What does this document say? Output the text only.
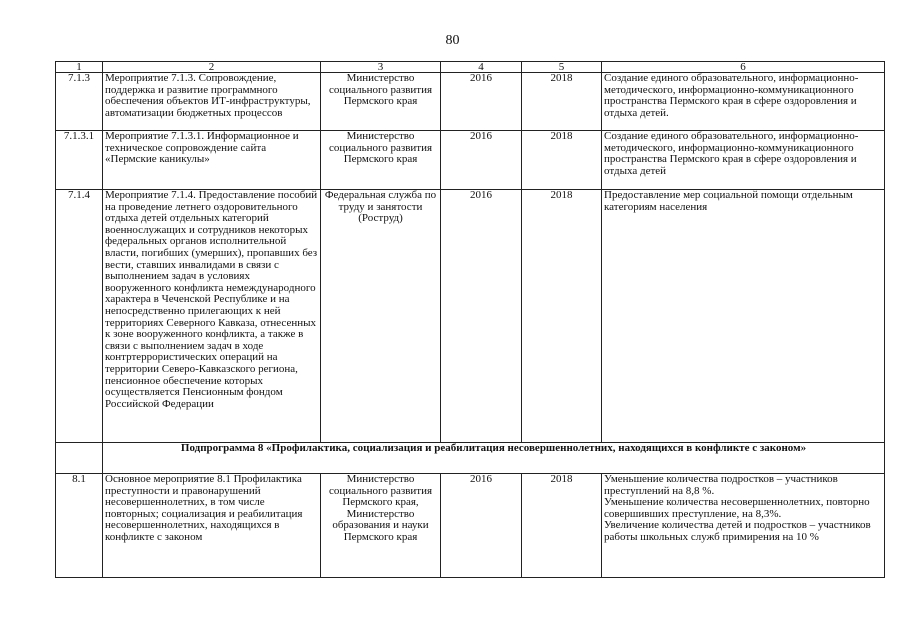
80
1	2	3	4	5	6
7.1.3	Мероприятие 7.1.3. Сопровождение, поддержка и развитие программного обеспечения объектов ИТ-инфраструктуры, автоматизации бюджетных процессов	Министерство социального развития Пермского края	2016	2018	Создание единого образовательного, информационно-методического, информационно-коммуникационного пространства Пермского края в сфере оздоровления и отдыха детей.
7.1.3.1	Мероприятие 7.1.3.1. Информационное и техническое сопровождение сайта «Пермские каникулы»	Министерство социального развития Пермского края	2016	2018	Создание единого образовательного, информационно-методического, информационно-коммуникационного пространства Пермского края в сфере оздоровления и отдыха детей
7.1.4	Мероприятие 7.1.4. Предоставление пособий на проведение летнего оздоровительного отдыха детей отдельных категорий военнослужащих и сотрудников некоторых федеральных органов исполнительной власти, погибших (умерших), пропавших без вести, ставших инвалидами в связи с выполнением задач в условиях вооруженного конфликта немеждународного характера в Чеченской Республике и на непосредственно прилегающих к ней территориях Северного Кавказа, отнесенных к зоне вооруженного конфликта, а также в связи с выполнением задач в ходе контртеррористических операций на территории Северо-Кавказского региона, пенсионное обеспечение которых осуществляется Пенсионным фондом Российской Федерации	Федеральная служба по труду и занятости (Роструд)	2016	2018	Предоставление мер социальной помощи отдельным категориям населения
	Подпрограмма 8 «Профилактика, социализация и реабилитация несовершеннолетних, находящихся в конфликте с законом»				
8.1	Основное мероприятие 8.1 Профилактика преступности и правонарушений несовершеннолетних, в том числе повторных; социализация и реабилитация несовершеннолетних, находящихся в конфликте с законом	Министерство социального развития Пермского края, Министерство образования и науки Пермского края	2016	2018	Уменьшение количества подростков – участников преступлений на 8,8 %.
Уменьшение количества несовершеннолетних, повторно совершивших преступление, на 8,3%.
Увеличение количества детей и подростков – участников работы школьных служб примирения на 10 %
